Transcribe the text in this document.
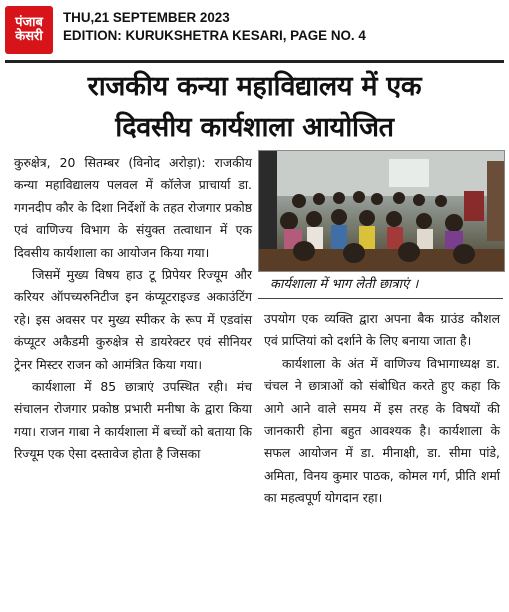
पंजाब
केसरी
THU,21 SEPTEMBER 2023
EDITION: KURUKSHETRA KESARI, PAGE NO. 4
राजकीय कन्या महाविद्यालय में एक
दिवसीय कार्यशाला आयोजित

कुरुक्षेत्र, 20 सितम्बर (विनोद अरोड़ा): राजकीय कन्या महाविद्यालय पलवल में कॉलेज प्राचार्या डा. गगनदीप कौर के दिशा निर्देशों के तहत रोजगार प्रकोष्ठ एवं वाणिज्य विभाग के संयुक्त तत्वाधान में एक दिवसीय कार्यशाला का आयोजन किया गया।

जिसमें मुख्य विषय हाउ टू प्रिपेयर रिज्यूम और करियर ऑपच्यरुनिटीज इन कंप्यूटराइज्ड अकाउंटिंग रहे। इस अवसर पर मुख्य स्पीकर के रूप में एडवांस कंप्यूटर अकैडमी कुरुक्षेत्र से डायरेक्टर एवं सीनियर ट्रेनर मिस्टर राजन को आमंत्रित किया गया।

कार्यशाला में 85 छात्राएं उपस्थित रही। मंच संचालन रोजगार प्रकोष्ठ प्रभारी मनीषा के द्वारा किया गया। राजन गाबा ने कार्यशाला में बच्चों को बताया कि रिज्यूम एक ऐसा दस्तावेज होता है जिसका

कार्यशाला में भाग लेती छात्राएं ।

उपयोग एक व्यक्ति द्वारा अपना बैक ग्राउंड कौशल एवं प्राप्तियां को दर्शाने के लिए बनाया जाता है।

कार्यशाला के अंत में वाणिज्य विभागाध्यक्ष डा. चंचल ने छात्राओं को संबोधित करते हुए कहा कि आगे आने वाले समय में इस तरह के विषयों की जानकारी होना बहुत आवश्यक है। कार्यशाला के सफल आयोजन में डा. मीनाक्षी, डा. सीमा पांडे, अमिता, विनय कुमार पाठक, कोमल गर्ग, प्रीति शर्मा का महत्वपूर्ण योगदान रहा।
